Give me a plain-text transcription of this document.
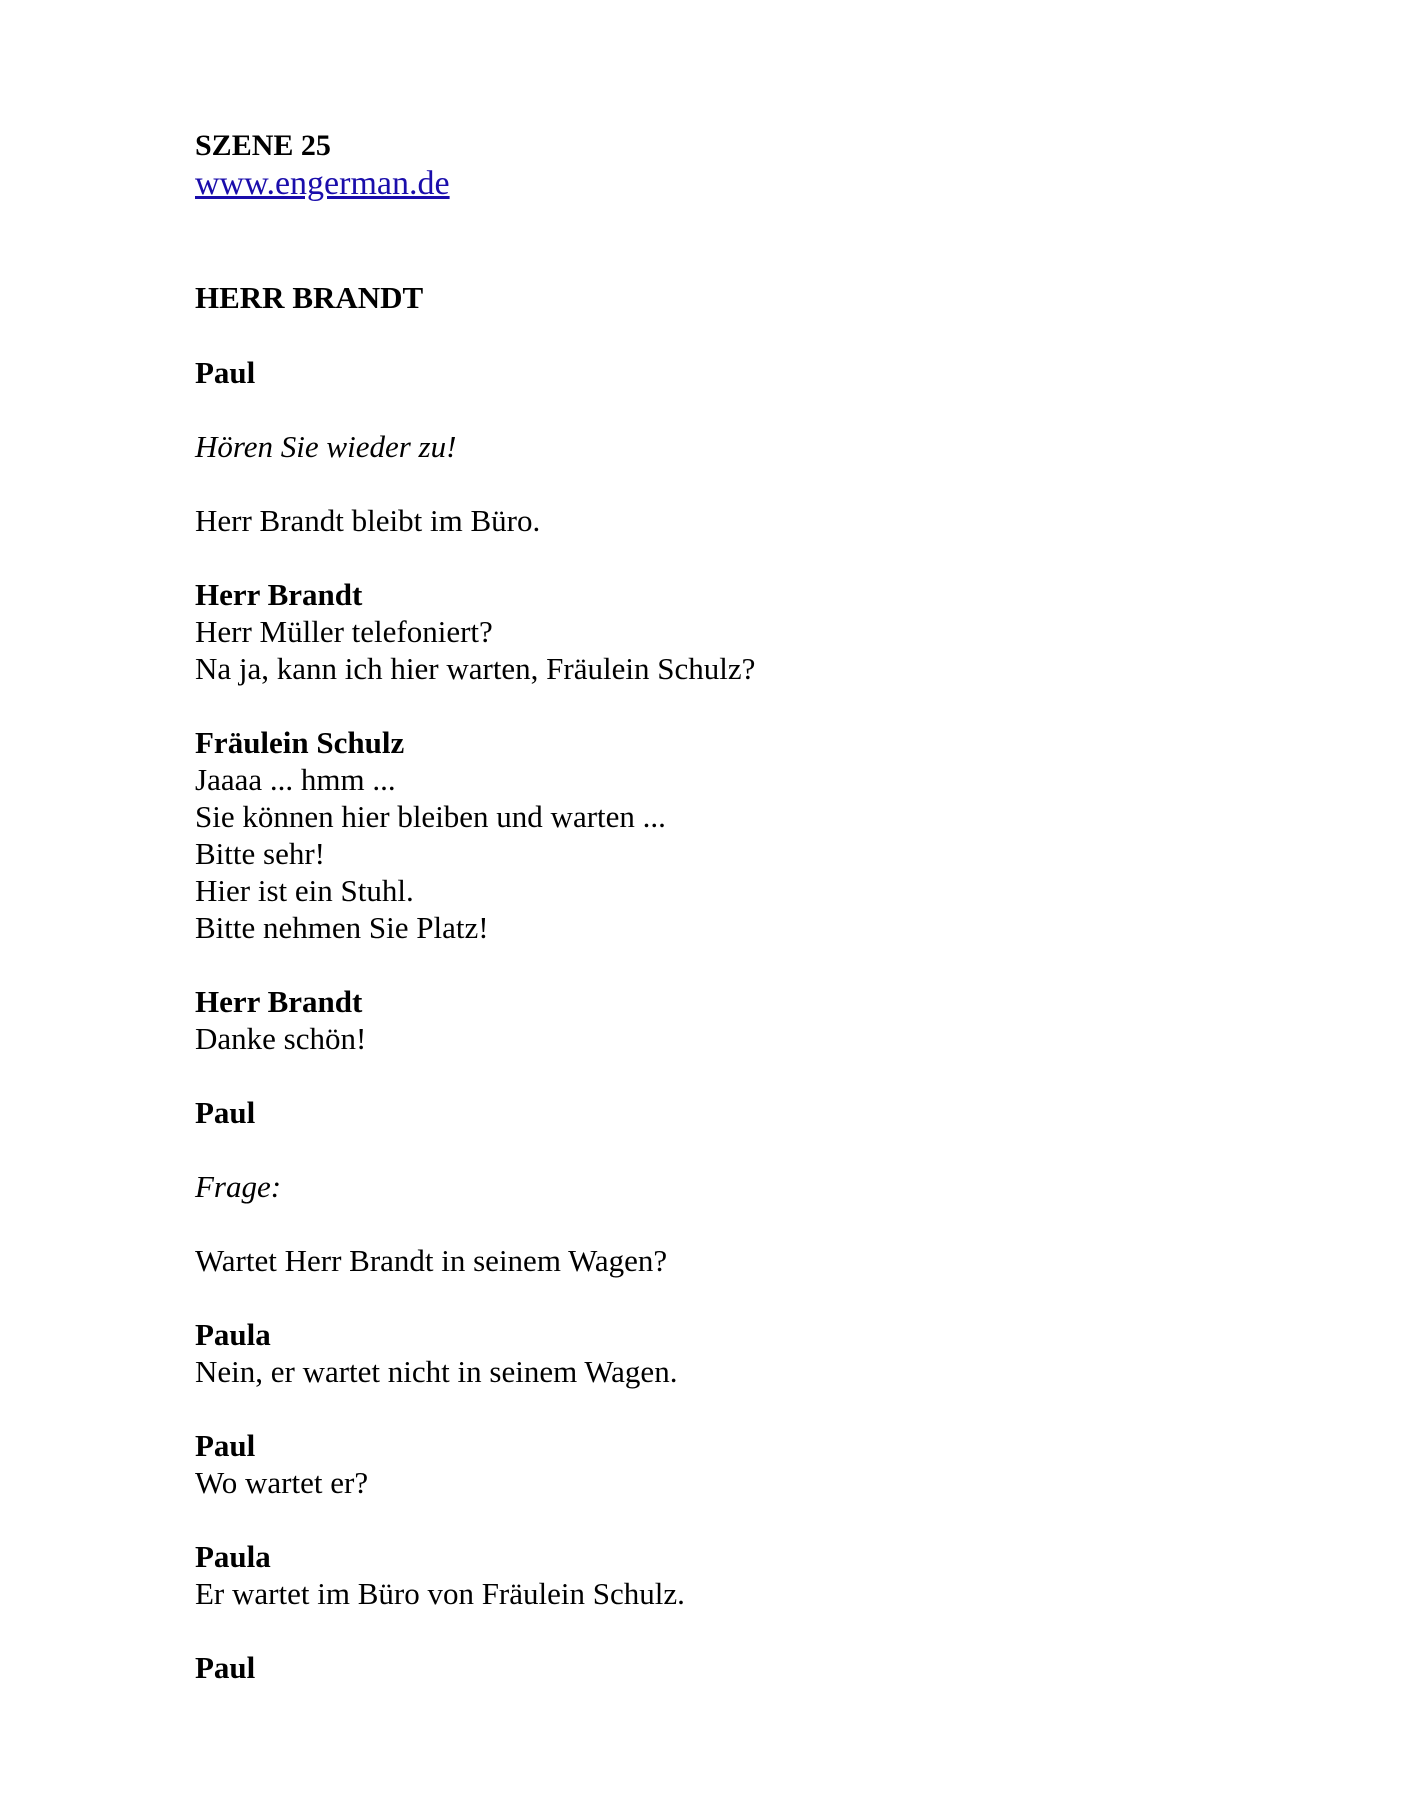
SZENE 25
www.engerman.de
HERR BRANDT
Paul
Hören Sie wieder zu!
Herr Brandt bleibt im Büro.
Herr Brandt
Herr Müller telefoniert?
Na ja, kann ich hier warten, Fräulein Schulz?
Fräulein Schulz
Jaaaa ... hmm ...
Sie können hier bleiben und warten ...
Bitte sehr!
Hier ist ein Stuhl.
Bitte nehmen Sie Platz!
Herr Brandt
Danke schön!
Paul
Frage:
Wartet Herr Brandt in seinem Wagen?
Paula
Nein, er wartet nicht in seinem Wagen.
Paul
Wo wartet er?
Paula
Er wartet im Büro von Fräulein Schulz.
Paul
